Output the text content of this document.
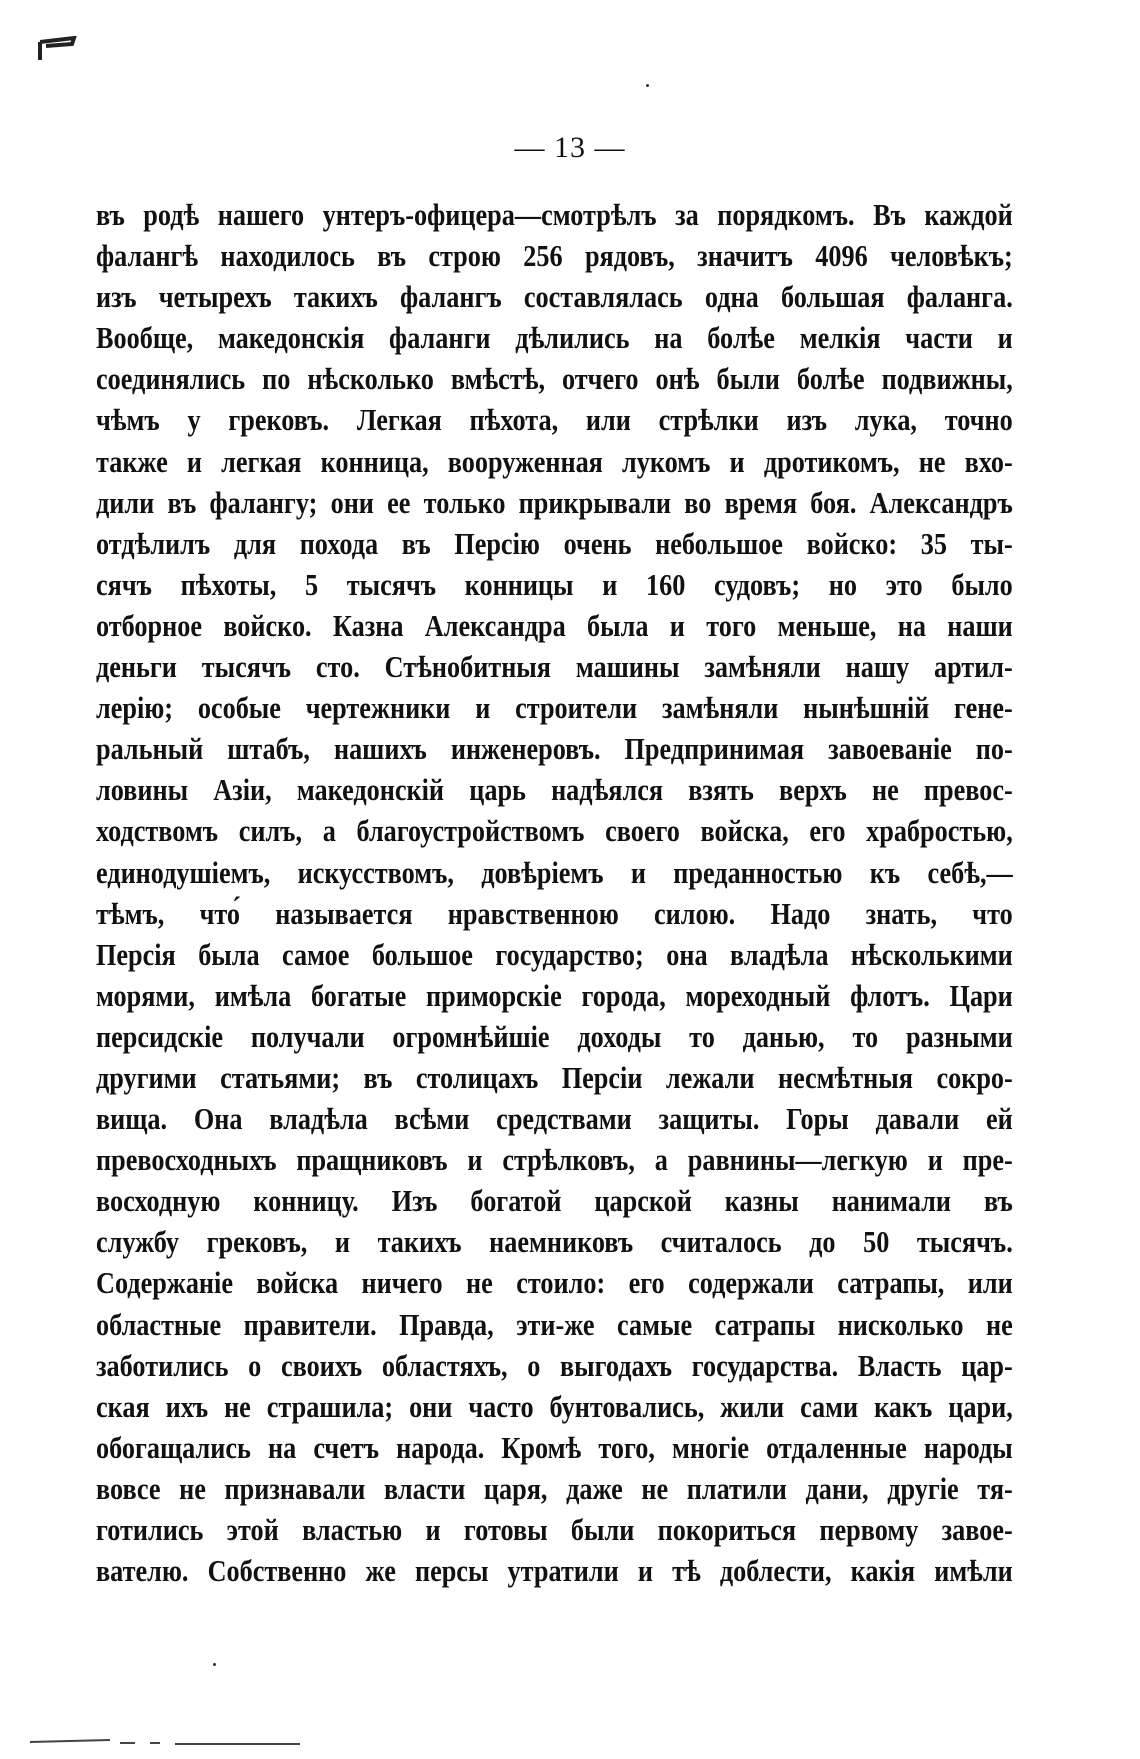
— 13 —
въ родѣ нашего унтеръ-офицера—смотрѣлъ за порядкомъ. Въ каждой
фалангѣ находилось въ строю 256 рядовъ, значитъ 4096 человѣкъ;
изъ четырехъ такихъ фалангъ составлялась одна большая фаланга.
Вообще, македонскія фаланги дѣлились на болѣе мелкія части и
соединялись по нѣсколько вмѣстѣ, отчего онѣ были болѣе подвижны,
чѣмъ у грековъ. Легкая пѣхота, или стрѣлки изъ лука, точно
также и легкая конница, вооруженная лукомъ и дротикомъ, не вхо-
дили въ фалангу; они ее только прикрывали во время боя. Александръ
отдѣлилъ для похода въ Персію очень небольшое войско: 35 ты-
сячъ пѣхоты, 5 тысячъ конницы и 160 судовъ; но это было
отборное войско. Казна Александра была и того меньше, на наши
деньги тысячъ сто. Стѣнобитныя машины замѣняли нашу артил-
лерію; особые чертежники и строители замѣняли нынѣшній гене-
ральный штабъ, нашихъ инженеровъ. Предпринимая завоеваніе по-
ловины Азіи, македонскій царь надѣялся взять верхъ не превос-
ходствомъ силъ, а благоустройствомъ своего войска, его храбростью,
единодушіемъ, искусствомъ, довѣріемъ и преданностью къ себѣ,—
тѣмъ, что́ называется нравственною силою. Надо знать, что
Персія была самое большое государство; она владѣла нѣсколькими
морями, имѣла богатые приморскіе города, мореходный флотъ. Цари
персидскіе получали огромнѣйшіе доходы то данью, то разными
другими статьями; въ столицахъ Персіи лежали несмѣтныя сокро-
вища. Она владѣла всѣми средствами защиты. Горы давали ей
превосходныхъ пращниковъ и стрѣлковъ, а равнины—легкую и пре-
восходную конницу. Изъ богатой царской казны нанимали въ
службу грековъ, и такихъ наемниковъ считалось до 50 тысячъ.
Содержаніе войска ничего не стоило: его содержали сатрапы, или
областные правители. Правда, эти-же самые сатрапы нисколько не
заботились о своихъ областяхъ, о выгодахъ государства. Власть цар-
ская ихъ не страшила; они часто бунтовались, жили сами какъ цари,
обогащались на счетъ народа. Кромѣ того, многіе отдаленные народы
вовсе не признавали власти царя, даже не платили дани, другіе тя-
готились этой властью и готовы были покориться первому завое-
вателю. Собственно же персы утратили и тѣ доблести, какія имѣли
